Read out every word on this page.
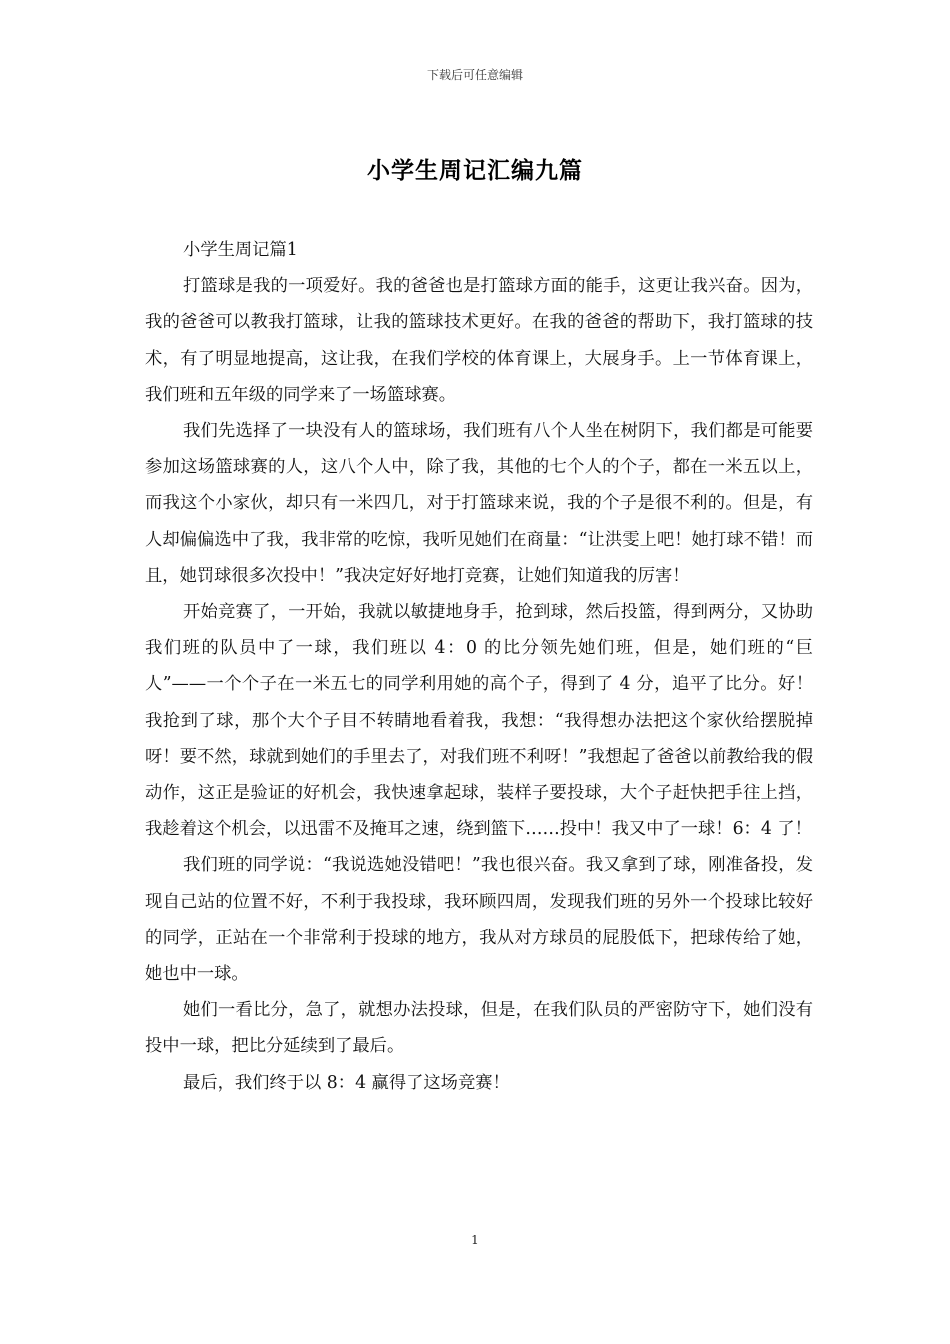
下载后可任意编辑
小学生周记汇编九篇

小学生周记篇1

打篮球是我的一项爱好。我的爸爸也是打篮球方面的能手，这更让我兴奋。因为，我的爸爸可以教我打篮球，让我的篮球技术更好。在我的爸爸的帮助下，我打篮球的技术，有了明显地提高，这让我，在我们学校的体育课上，大展身手。上一节体育课上，我们班和五年级的同学来了一场篮球赛。

我们先选择了一块没有人的篮球场，我们班有八个人坐在树阴下，我们都是可能要参加这场篮球赛的人，这八个人中，除了我，其他的七个人的个子，都在一米五以上，而我这个小家伙，却只有一米四几，对于打篮球来说，我的个子是很不利的。但是，有人却偏偏选中了我，我非常的吃惊，我听见她们在商量：“让洪雯上吧！她打球不错！而且，她罚球很多次投中！”我决定好好地打竞赛，让她们知道我的厉害！

开始竞赛了，一开始，我就以敏捷地身手，抢到球，然后投篮，得到两分，又协助我们班的队员中了一球，我们班以 4：0 的比分领先她们班，但是，她们班的“巨人”——一个个子在一米五七的同学利用她的高个子，得到了 4 分，追平了比分。好！我抢到了球，那个大个子目不转睛地看着我，我想：“我得想办法把这个家伙给摆脱掉呀！要不然，球就到她们的手里去了，对我们班不利呀！”我想起了爸爸以前教给我的假动作，这正是验证的好机会，我快速拿起球，装样子要投球，大个子赶快把手往上挡，我趁着这个机会，以迅雷不及掩耳之速，绕到篮下……投中！我又中了一球！6：4 了！

我们班的同学说：“我说选她没错吧！”我也很兴奋。我又拿到了球，刚准备投，发现自己站的位置不好，不利于我投球，我环顾四周，发现我们班的另外一个投球比较好的同学，正站在一个非常利于投球的地方，我从对方球员的屁股低下，把球传给了她，她也中一球。

她们一看比分，急了，就想办法投球，但是，在我们队员的严密防守下，她们没有投中一球，把比分延续到了最后。

最后，我们终于以 8：4 赢得了这场竞赛！

1
